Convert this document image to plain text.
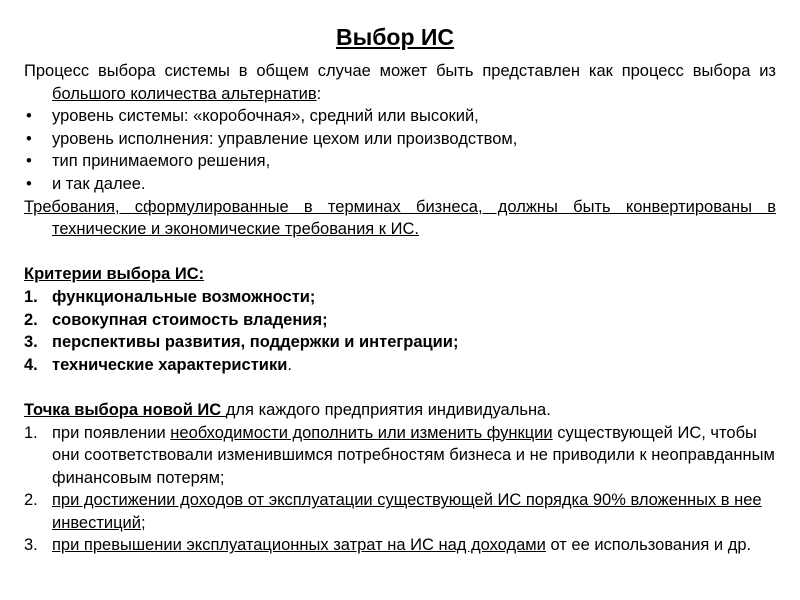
Выбор ИС

Процесс выбора системы в общем случае может быть представлен как процесс выбора из большого количества альтернатив:

•	уровень системы: «коробочная», средний или высокий,
•	уровень исполнения: управление цехом или производством,
•	тип принимаемого решения,
•	и так далее.

Требования, сформулированные в терминах бизнеса, должны быть конвертированы в технические и экономические требования к ИС.

Критерии выбора ИС:

1. функциональные возможности;
2. совокупная стоимость владения;
3. перспективы развития, поддержки и интеграции;
4. технические характеристики.

Точка выбора новой ИС для каждого предприятия индивидуальна.

1. при появлении необходимости дополнить или изменить функции существующей ИС, чтобы они соответствовали изменившимся потребностям бизнеса и не приводили к неоправданным финансовым потерям;
2. при достижении доходов от эксплуатации существующей ИС порядка 90% вложенных в нее инвестиций;
3. при превышении эксплуатационных затрат на ИС над доходами от ее использования и др.
